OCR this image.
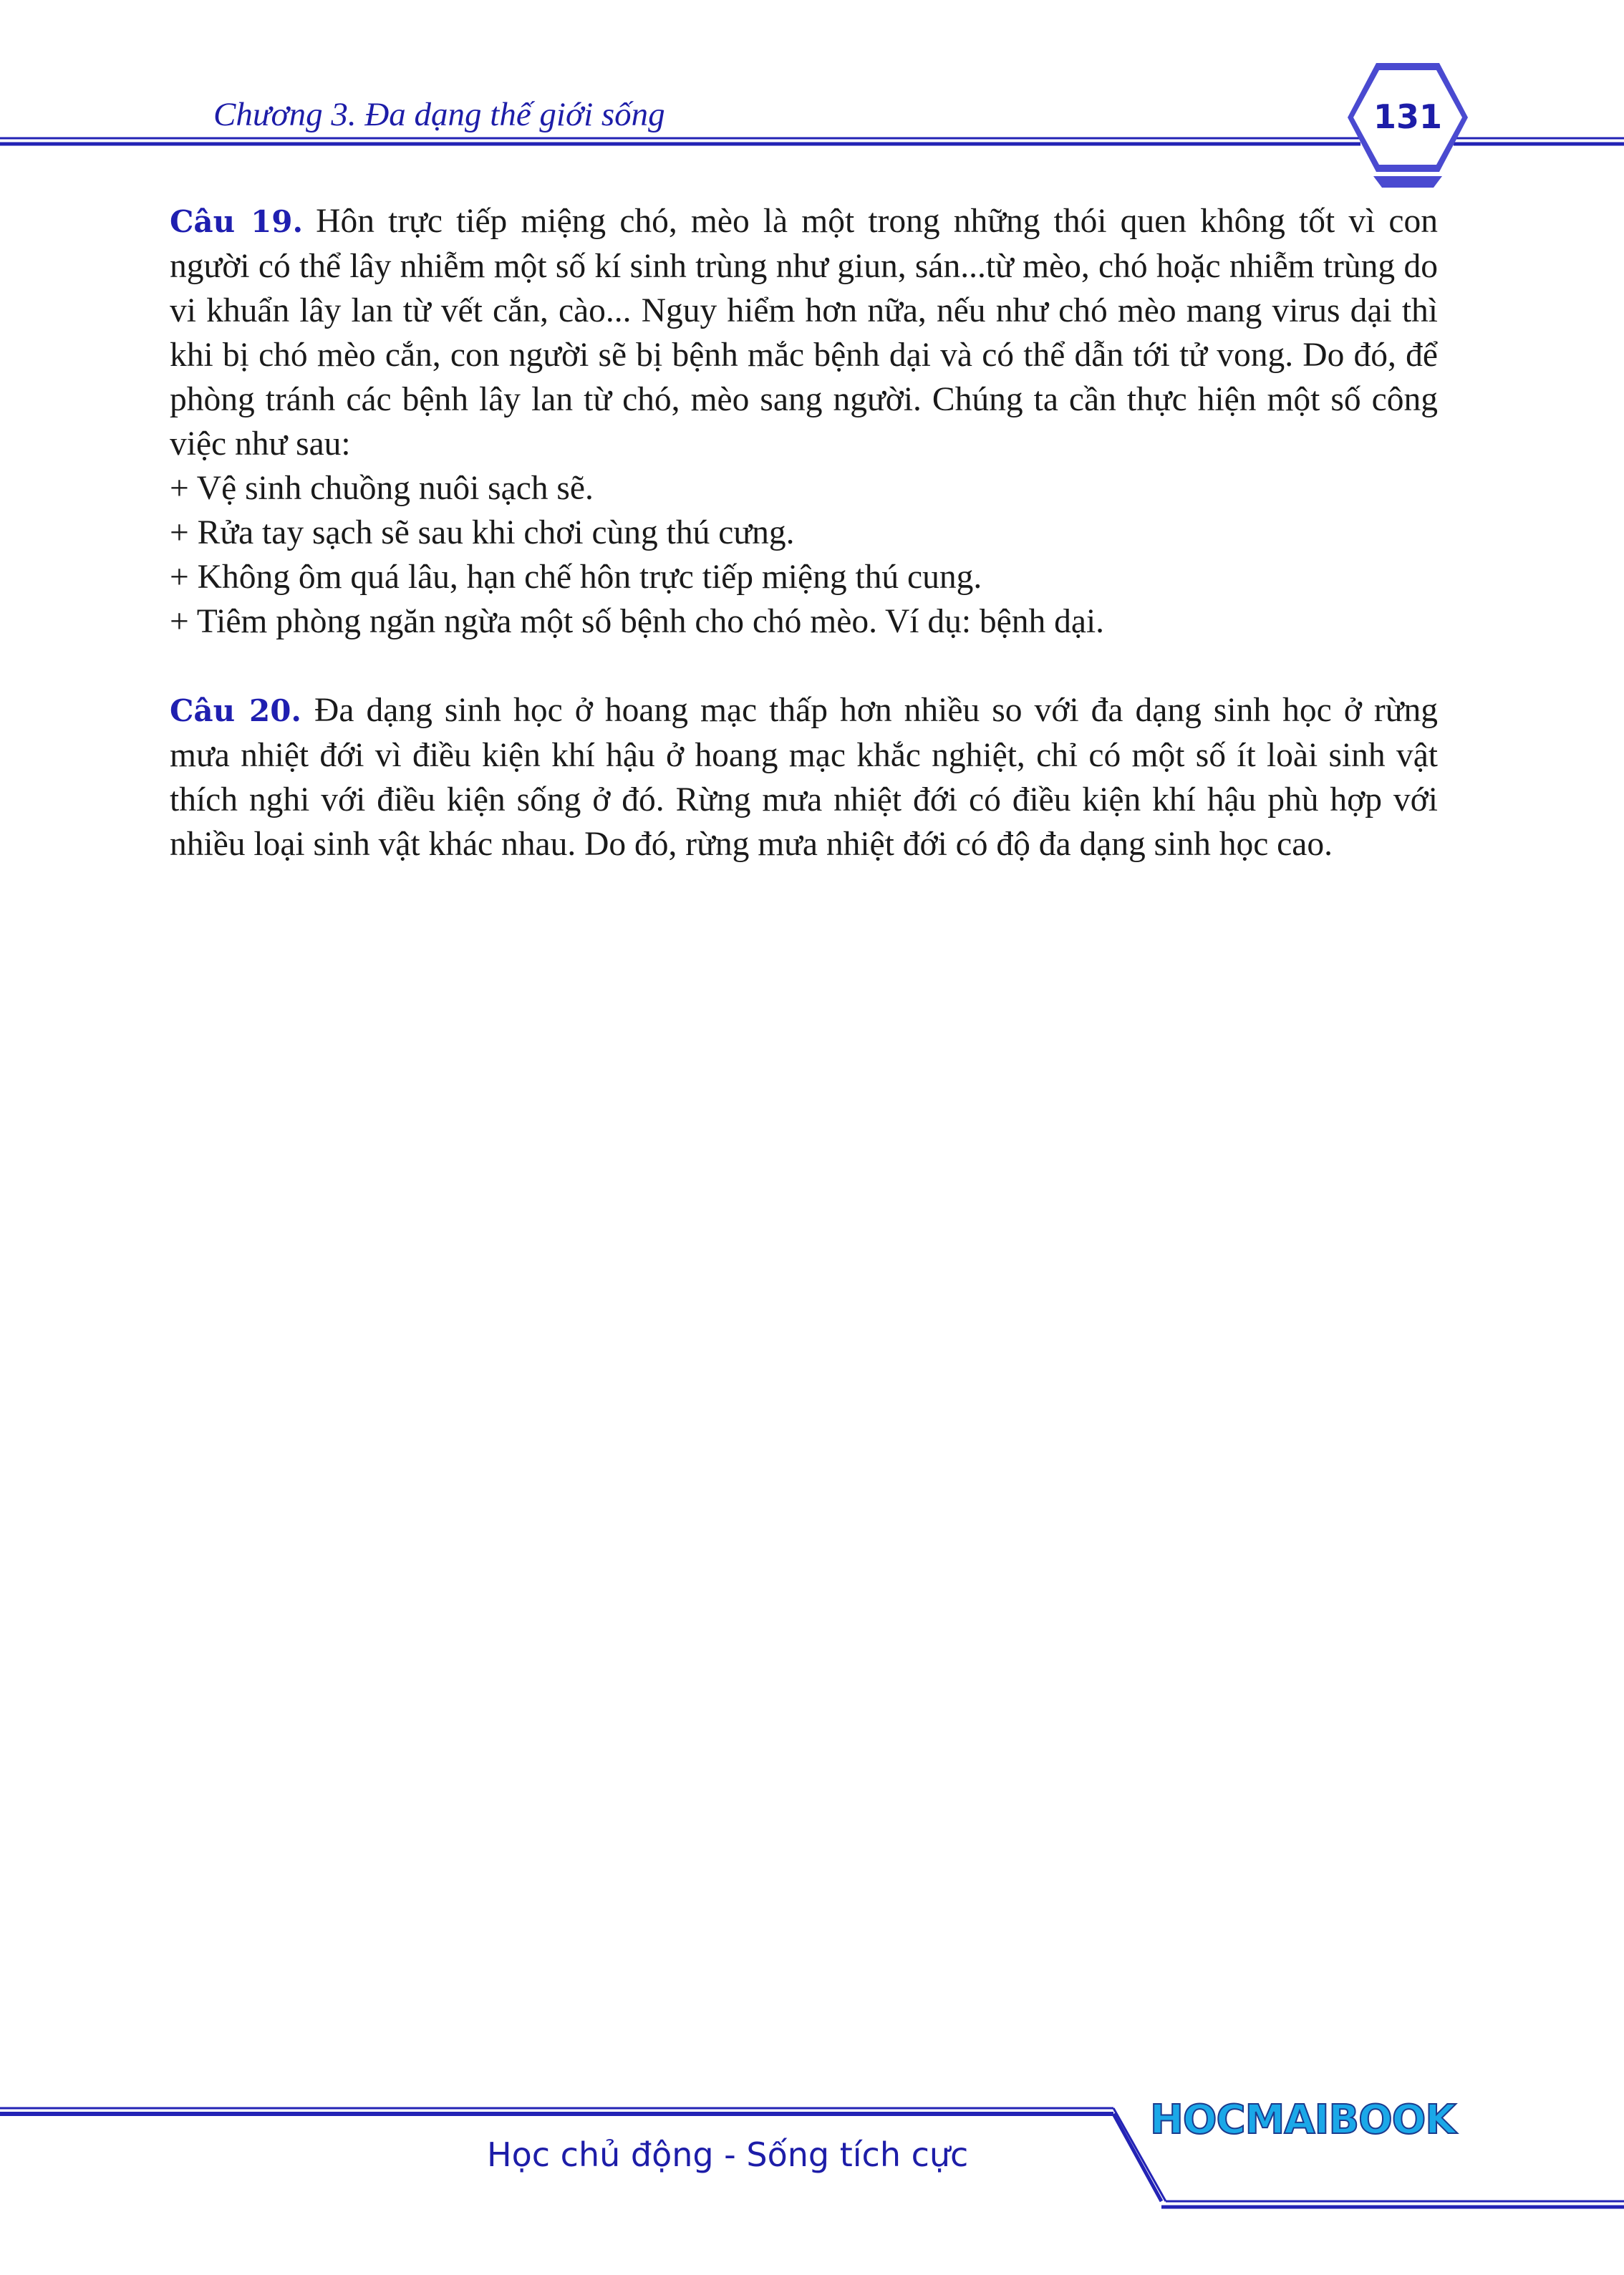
Chương 3. Đa dạng thế giới sống	131

Câu 19. Hôn trực tiếp miệng chó, mèo là một trong những thói quen không tốt vì con người có thể lây nhiễm một số kí sinh trùng như giun, sán...từ mèo, chó hoặc nhiễm trùng do vi khuẩn lây lan từ vết cắn, cào... Nguy hiểm hơn nữa, nếu như chó mèo mang virus dại thì khi bị chó mèo cắn, con người sẽ bị bệnh mắc bệnh dại và có thể dẫn tới tử vong. Do đó, để phòng tránh các bệnh lây lan từ chó, mèo sang người. Chúng ta cần thực hiện một số công việc như sau:
+ Vệ sinh chuồng nuôi sạch sẽ.
+ Rửa tay sạch sẽ sau khi chơi cùng thú cưng.
+ Không ôm quá lâu, hạn chế hôn trực tiếp miệng thú cung.
+ Tiêm phòng ngăn ngừa một số bệnh cho chó mèo. Ví dụ: bệnh dại.

Câu 20. Đa dạng sinh học ở hoang mạc thấp hơn nhiều so với đa dạng sinh học ở rừng mưa nhiệt đới vì điều kiện khí hậu ở hoang mạc khắc nghiệt, chỉ có một số ít loài sinh vật thích nghi với điều kiện sống ở đó. Rừng mưa nhiệt đới có điều kiện khí hậu phù hợp với nhiều loại sinh vật khác nhau. Do đó, rừng mưa nhiệt đới có độ đa dạng sinh học cao.

HOCMAIBOOK
Học chủ động - Sống tích cực
